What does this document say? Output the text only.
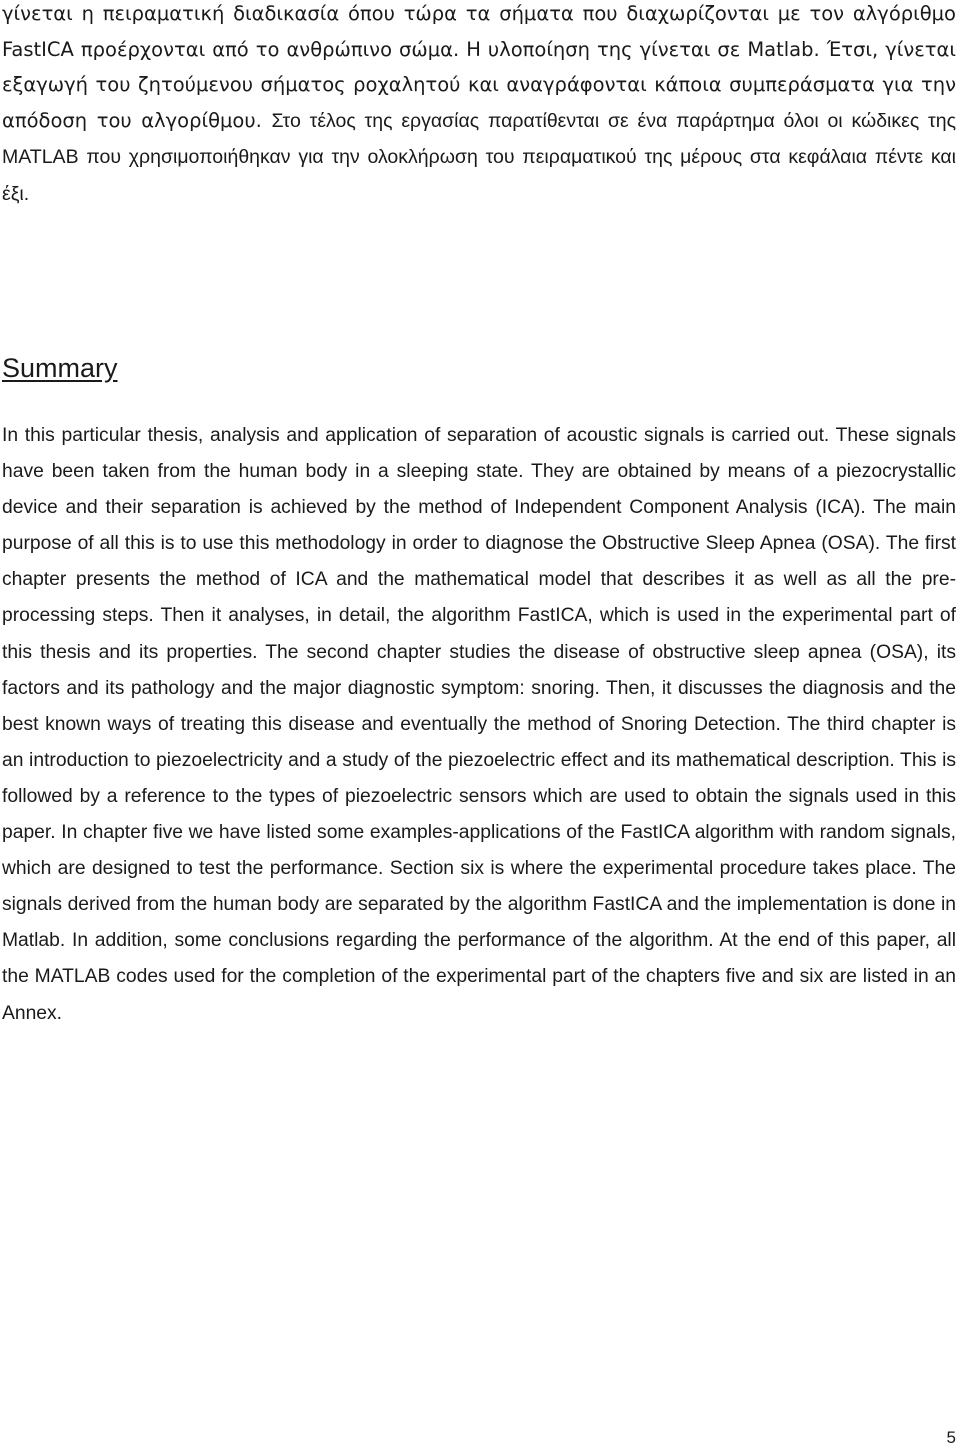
γίνεται η πειραματική διαδικασία όπου τώρα τα σήματα που διαχωρίζονται με τον αλγόριθμο FastICA προέρχονται από το ανθρώπινο σώμα. Η υλοποίηση της γίνεται σε Matlab. Έτσι, γίνεται εξαγωγή του ζητούμενου σήματος ροχαλητού και αναγράφονται κάποια συμπεράσματα για την απόδοση του αλγορίθμου. Στο τέλος της εργασίας παρατίθενται σε ένα παράρτημα όλοι οι κώδικες της MATLAB που χρησιμοποιήθηκαν για την ολοκλήρωση του πειραματικού της μέρους στα κεφάλαια πέντε και έξι.

Summary

In this particular thesis, analysis and application of separation of acoustic signals is carried out. These signals have been taken from the human body in a sleeping state. They are obtained by means of a piezocrystallic device and their separation is achieved by the method of Independent Component Analysis (ICA). The main purpose of all this is to use this methodology in order to diagnose the Obstructive Sleep Apnea (OSA). The first chapter presents the method of ICA and the mathematical model that describes it as well as all the pre-processing steps. Then it analyses, in detail, the algorithm FastICA, which is used in the experimental part of this thesis and its properties. The second chapter studies the disease of obstructive sleep apnea (OSA), its factors and its pathology and the major diagnostic symptom: snoring. Then, it discusses the diagnosis and the best known ways of treating this disease and eventually the method of Snoring Detection. The third chapter is an introduction to piezoelectricity and a study of the piezoelectric effect and its mathematical description. This is followed by a reference to the types of piezoelectric sensors which are used to obtain the signals used in this paper. In chapter five we have listed some examples-applications of the FastICA algorithm with random signals, which are designed to test the performance. Section six is where the experimental procedure takes place. The signals derived from the human body are separated by the algorithm FastICA and the implementation is done in Matlab. In addition, some conclusions regarding the performance of the algorithm. At the end of this paper, all the MATLAB codes used for the completion of the experimental part of the chapters five and six are listed in an Annex.

5
